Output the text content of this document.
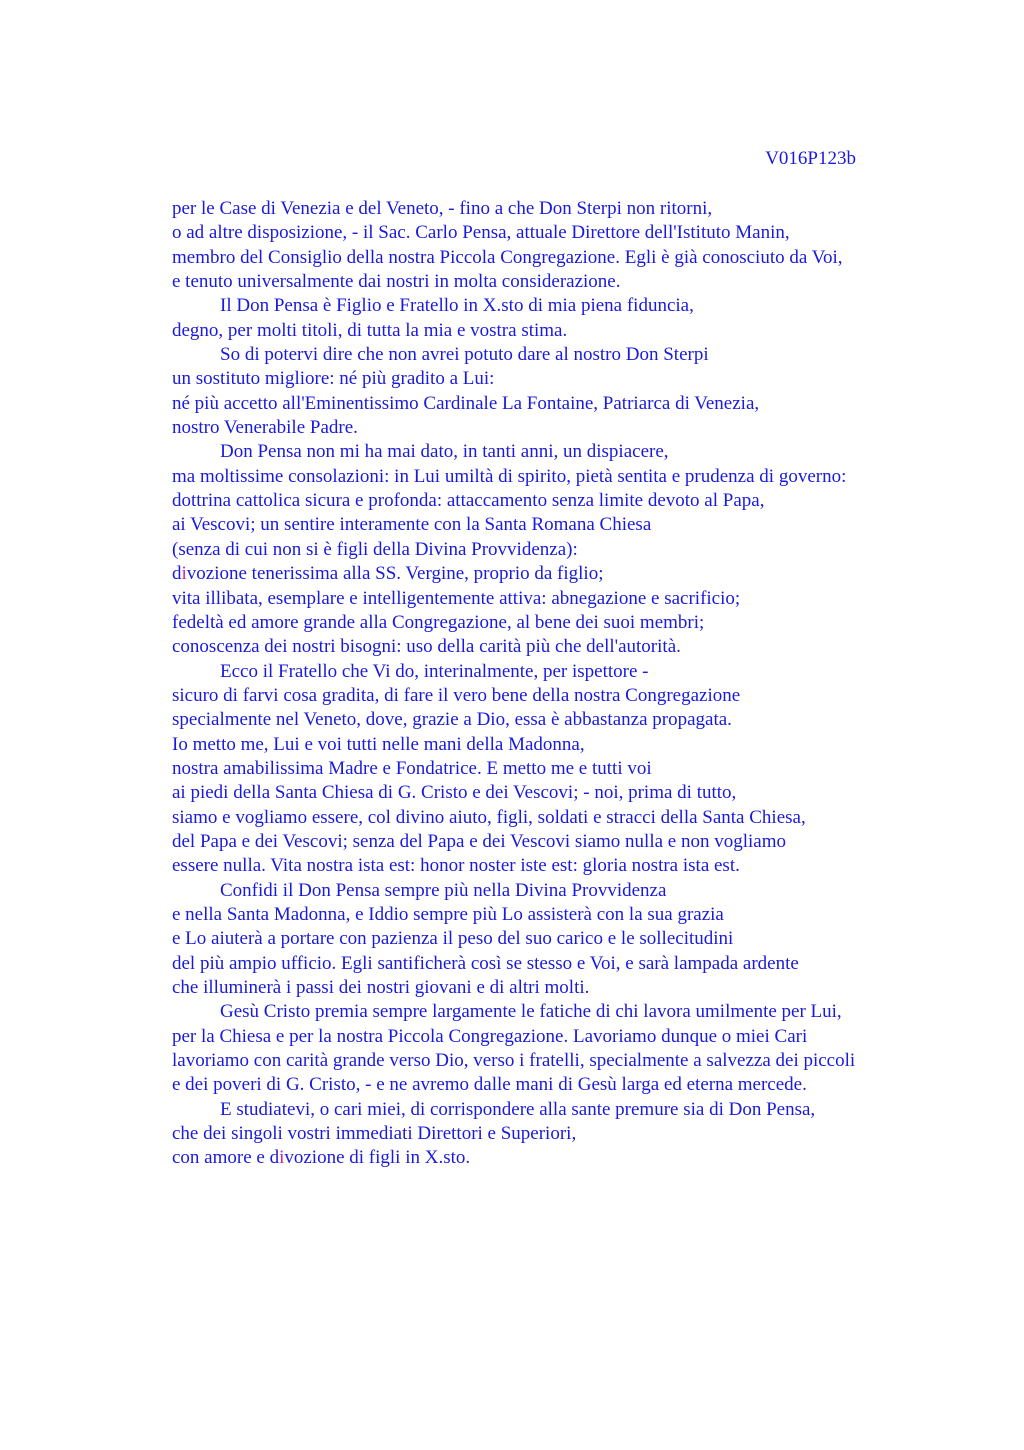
V016P123b
per le Case di Venezia e del Veneto, - fino a che Don Sterpi non ritorni,
o ad altre disposizione, - il Sac. Carlo Pensa, attuale Direttore dell'Istituto Manin,
membro del Consiglio della nostra Piccola Congregazione. Egli è già conosciuto da Voi,
e tenuto universalmente dai nostri in molta considerazione.
Il Don Pensa è Figlio e Fratello in X.sto di mia piena fiduncia,
degno, per molti titoli, di tutta la mia e vostra stima.
So di potervi dire che non avrei potuto dare al nostro Don Sterpi
un sostituto migliore: né più gradito a Lui:
né più accetto all'Eminentissimo Cardinale La Fontaine, Patriarca di Venezia,
nostro Venerabile Padre.
Don Pensa non mi ha mai dato, in tanti anni, un dispiacere,
ma moltissime consolazioni: in Lui umiltà di spirito, pietà sentita e prudenza di governo:
dottrina cattolica sicura e profonda: attaccamento senza limite devoto al Papa,
ai Vescovi; un sentire interamente con la Santa Romana Chiesa
(senza di cui non si è figli della Divina Provvidenza):
divozione tenerissima alla SS. Vergine, proprio da figlio;
vita illibata, esemplare e intelligentemente attiva: abnegazione e sacrificio;
fedeltà ed amore grande alla Congregazione, al bene dei suoi membri;
conoscenza dei nostri bisogni: uso della carità più che dell'autorità.
Ecco il Fratello che Vi do, interinalmente, per ispettore -
sicuro di farvi cosa gradita, di fare il vero bene della nostra Congregazione
specialmente nel Veneto, dove, grazie a Dio, essa è abbastanza propagata.
Io metto me, Lui e voi tutti nelle mani della Madonna,
nostra amabilissima Madre e Fondatrice. E metto me e tutti voi
ai piedi della Santa Chiesa di G. Cristo e dei Vescovi; - noi, prima di tutto,
siamo e vogliamo essere, col divino aiuto, figli, soldati e stracci della Santa Chiesa,
del Papa e dei Vescovi; senza del Papa e dei Vescovi siamo nulla e non vogliamo
essere nulla. Vita nostra ista est: honor noster iste est: gloria nostra ista est.
Confidi il Don Pensa sempre più nella Divina Provvidenza
e nella Santa Madonna, e Iddio sempre più Lo assisterà con la sua grazia
e Lo aiuterà a portare con pazienza il peso del suo carico e le sollecitudini
del più ampio ufficio. Egli santificherà così se stesso e Voi, e sarà lampada ardente
che illuminerà i passi dei nostri giovani e di altri molti.
Gesù Cristo premia sempre largamente le fatiche di chi lavora umilmente per Lui,
per la Chiesa e per la nostra Piccola Congregazione. Lavoriamo dunque o miei Cari
lavoriamo con carità grande verso Dio, verso i fratelli, specialmente a salvezza dei piccoli
e dei poveri di G. Cristo, - e ne avremo dalle mani di Gesù larga ed eterna mercede.
E studiatevi, o cari miei, di corrispondere alla sante premure sia di Don Pensa,
che dei singoli vostri immediati Direttori e Superiori,
con amore e divozione di figli in X.sto.
